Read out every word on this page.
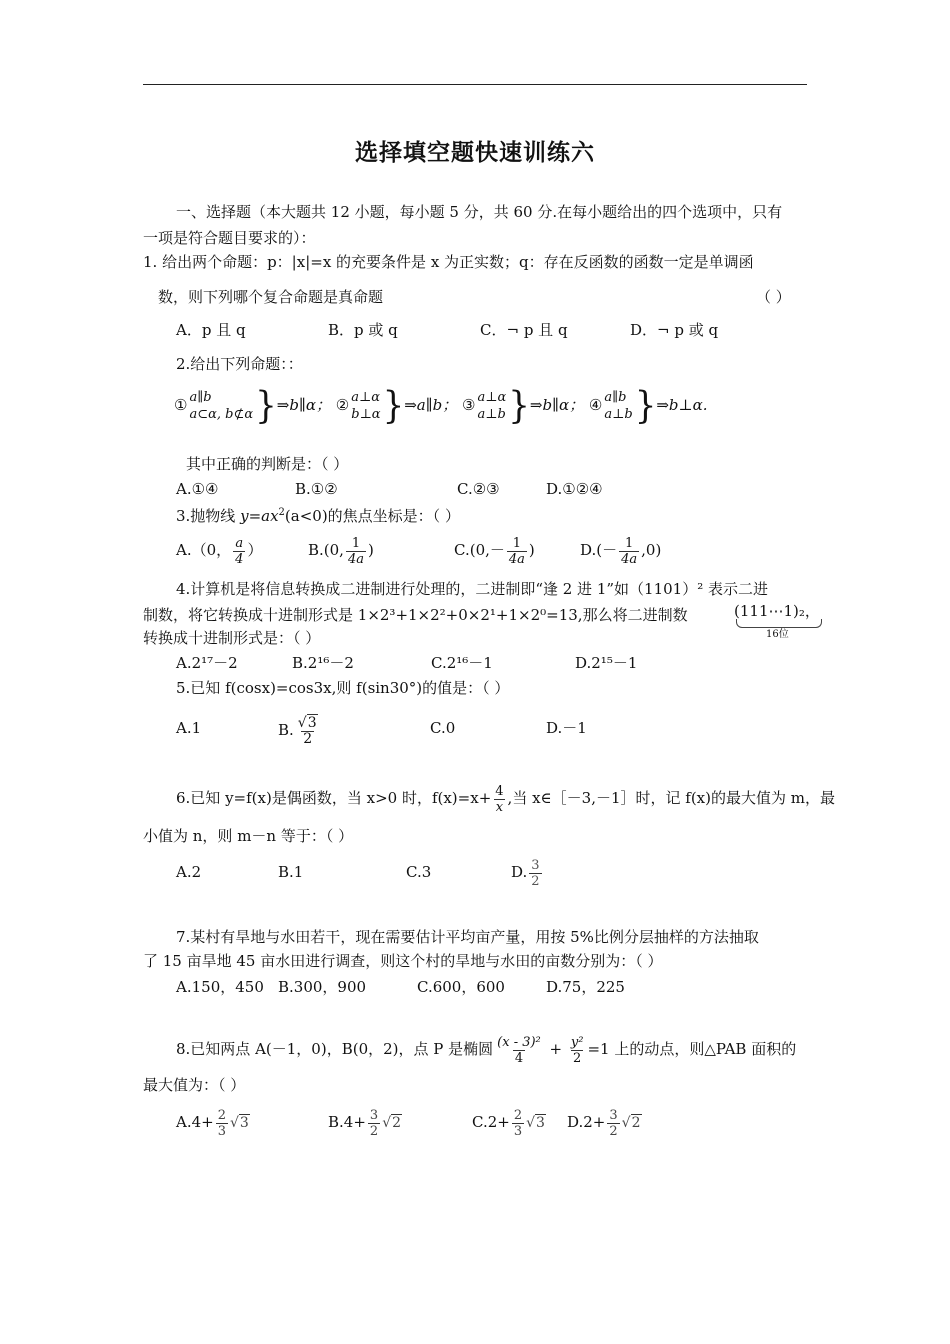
选择填空题快速训练六
一、选择题（本大题共 12 小题，每小题 5 分，共 60 分.在每小题给出的四个选项中，只有
一项是符合题目要求的）：
1. 给出两个命题：p：|x|=x 的充要条件是 x 为正实数；q：存在反函数的函数一定是单调函
数，则下列哪个复合命题是真命题	（ ）
A．p 且 q	B．p 或 q	C．¬ p 且 q	D．¬ p 或 q
2.给出下列命题：：
① a∥b
a⊂α, b⊄α }⇒b∥α； ② a⊥α
b⊥α }⇒a∥b； ③ a⊥α
a⊥b }⇒b∥α； ④ a∥b
a⊥b }⇒b⊥α.
其中正确的判断是：（ ）
A.①④	B.①②	C.②③	D.①②④
3.抛物线 $y=ax^2(a<0)$的焦点坐标是：（ ）
A.（0， $\frac{a}{4}$ ）	B.(0, $\frac{1}{4a}$ )	$C.(0,- \frac{1}{4a}$ )	$D.(- \frac{1}{4a} ,0)$
4.计算机是将信息转换成二进制进行处理的，二进制即“逢 2 进 1”如（1101）² 表示二进
制数，将它转换成十进制形式是 1×2³+1×2²+0×2¹+1×2⁰=13,那么将二进制数	(111⋯1)₂，
16位
转换成十进制形式是：（ ）
A.2¹⁷－2	B.2¹⁶－2	C.2¹⁶－1	D.2¹⁵－1
5.已知 f(cosx)=cos3x,则 f(sin30°)的值是：（ ）
A.1	B. $\frac{√3}{2}$	C.0	D.－1
6.已知 y=f(x)是偶函数，当 x>0 时，$f(x)=x+ \frac{4}{x}$ ,当 x∈［－3,－1］时，记 f(x)的最大值为 m，最
小值为 n，则 m－n 等于：（ ）
A.2	B.1	C.3	D. $\frac{3}{2}$
7.某村有旱地与水田若干，现在需要估计平均亩产量，用按 5%比例分层抽样的方法抽取
了 15 亩旱地 45 亩水田进行调查，则这个村的旱地与水田的亩数分别为：（ ）
A.150，450 B.300，900	C.600，600	D.75，225
8.已知两点 A(－1，0)，B(0，2)，点 P 是椭圆 $\frac{\text{(x - 3)²}}{4} + \frac{\text{y²}}{2} =1$ 上的动点，则△PAB 面积的
最大值为：（ ）
$A.4+ \frac{2}{3} √3$	$B.4+ \frac{3}{2} √2$	$C.2+ \frac{2}{3} √3$ $D.2+ \frac{3}{2} √2$
